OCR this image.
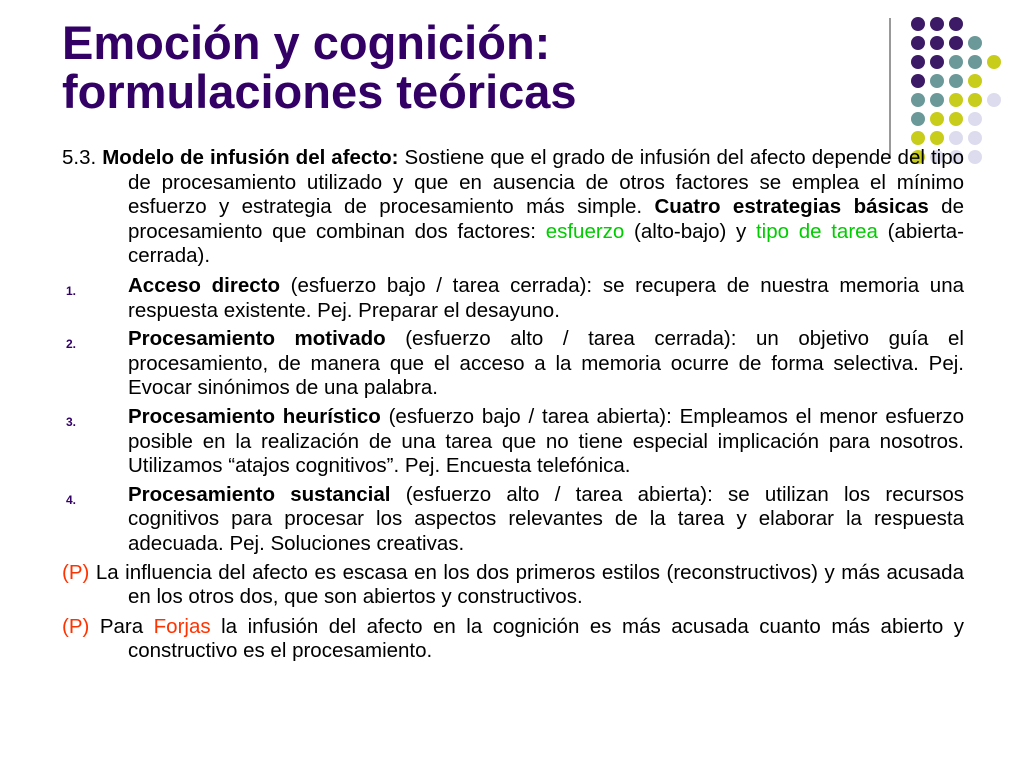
Emoción y cognición:
formulaciones teóricas

5.3. Modelo de infusión del afecto: Sostiene que el grado de infusión del afecto depende del tipo de procesamiento utilizado y que en ausencia de otros factores se emplea el mínimo esfuerzo y estrategia de procesamiento más simple. Cuatro estrategias básicas de procesamiento que combinan dos factores: esfuerzo (alto-bajo) y tipo de tarea (abierta-cerrada).

1.	Acceso directo (esfuerzo bajo / tarea cerrada): se recupera de nuestra memoria una respuesta existente. Pej. Preparar el desayuno.
2.	Procesamiento motivado (esfuerzo alto / tarea cerrada): un objetivo guía el procesamiento, de manera que el acceso a la memoria ocurre de forma selectiva. Pej. Evocar sinónimos de una palabra.
3.	Procesamiento heurístico (esfuerzo bajo / tarea abierta): Empleamos el menor esfuerzo posible en la realización de una tarea que no tiene especial implicación para nosotros. Utilizamos “atajos cognitivos”. Pej. Encuesta telefónica.
4.	Procesamiento sustancial (esfuerzo alto / tarea abierta): se utilizan los recursos cognitivos para procesar los aspectos relevantes de la tarea y elaborar la respuesta adecuada. Pej. Soluciones creativas.

(P) La influencia del afecto es escasa en los dos primeros estilos (reconstructivos) y más acusada en los otros dos, que son abiertos y constructivos.

(P) Para Forjas la infusión del afecto en la cognición es más acusada cuanto más abierto y constructivo es el procesamiento.
